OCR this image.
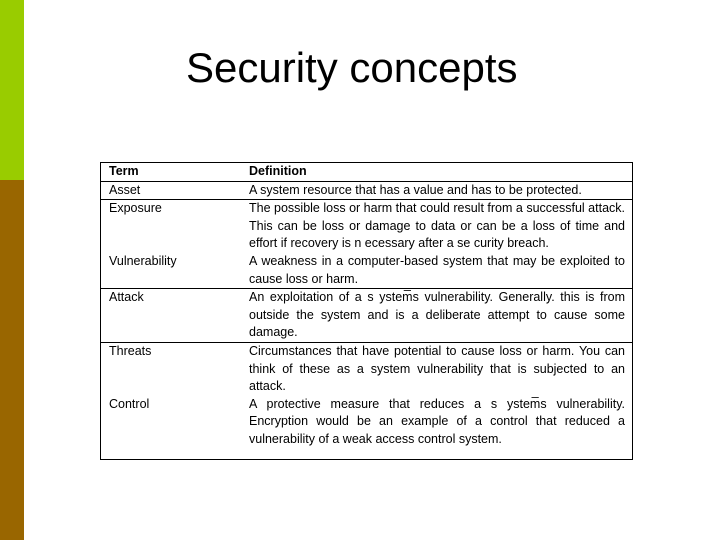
Security concepts
Term	Definition
Asset	A system resource that has a value and has to be protected.
Exposure	The possible loss or harm that could result from a successful attack. This can be loss or damage to data or can be a loss of time and effort if recovery is n ecessary after a se curity breach.
Vulnerability	A weakness in a computer-based system that may be exploited to cause loss or harm.
Attack	An exploitation of a s ystem̅s vulnerability. Generally. this is from outside the system and is a deliberate attempt to cause some damage.
Threats	Circumstances that have potential to cause loss or harm. You can think of these as a system vulnerability that is subjected to an attack.
Control	A protective measure that reduces a s ystem̅s vulnerability. Encryption would be an example of a control that reduced a vulnerability of a weak access control system.
